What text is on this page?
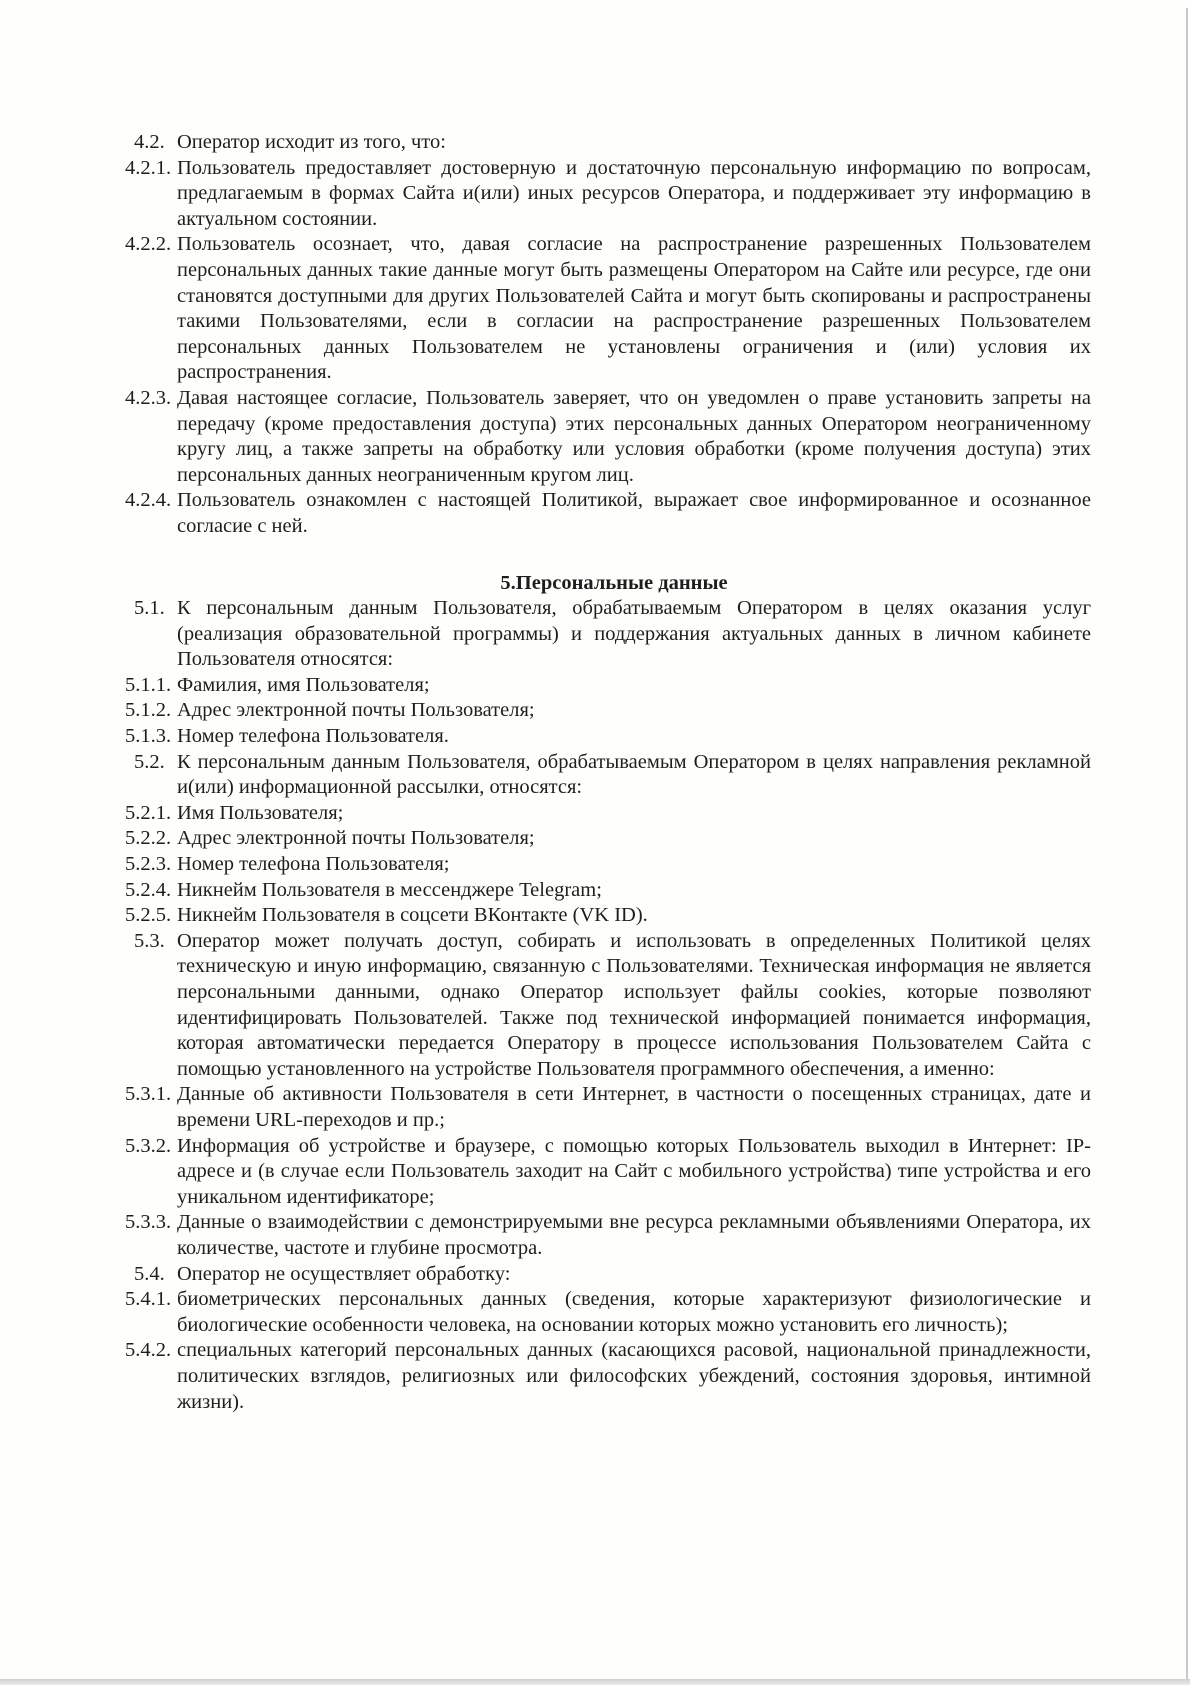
4.2. Оператор исходит из того, что:
4.2.1. Пользователь предоставляет достоверную и достаточную персональную информацию по вопросам, предлагаемым в формах Сайта и(или) иных ресурсов Оператора, и поддерживает эту информацию в актуальном состоянии.
4.2.2. Пользователь осознает, что, давая согласие на распространение разрешенных Пользователем персональных данных такие данные могут быть размещены Оператором на Сайте или ресурсе, где они становятся доступными для других Пользователей Сайта и могут быть скопированы и распространены такими Пользователями, если в согласии на распространение разрешенных Пользователем персональных данных Пользователем не установлены ограничения и (или) условия их распространения.
4.2.3. Давая настоящее согласие, Пользователь заверяет, что он уведомлен о праве установить запреты на передачу (кроме предоставления доступа) этих персональных данных Оператором неограниченному кругу лиц, а также запреты на обработку или условия обработки (кроме получения доступа) этих персональных данных неограниченным кругом лиц.
4.2.4. Пользователь ознакомлен с настоящей Политикой, выражает свое информированное и осознанное согласие с ней.
5.Персональные данные
5.1. К персональным данным Пользователя, обрабатываемым Оператором в целях оказания услуг (реализация образовательной программы) и поддержания актуальных данных в личном кабинете Пользователя относятся:
5.1.1. Фамилия, имя Пользователя;
5.1.2. Адрес электронной почты Пользователя;
5.1.3. Номер телефона Пользователя.
5.2. К персональным данным Пользователя, обрабатываемым Оператором в целях направления рекламной и(или) информационной рассылки, относятся:
5.2.1. Имя Пользователя;
5.2.2. Адрес электронной почты Пользователя;
5.2.3. Номер телефона Пользователя;
5.2.4. Никнейм Пользователя в мессенджере Telegram;
5.2.5. Никнейм Пользователя в соцсети ВКонтакте (VK ID).
5.3. Оператор может получать доступ, собирать и использовать в определенных Политикой целях техническую и иную информацию, связанную с Пользователями. Техническая информация не является персональными данными, однако Оператор использует файлы cookies, которые позволяют идентифицировать Пользователей. Также под технической информацией понимается информация, которая автоматически передается Оператору в процессе использования Пользователем Сайта с помощью установленного на устройстве Пользователя программного обеспечения, а именно:
5.3.1. Данные об активности Пользователя в сети Интернет, в частности о посещенных страницах, дате и времени URL-переходов и пр.;
5.3.2. Информация об устройстве и браузере, с помощью которых Пользователь выходил в Интернет: IP-адресе и (в случае если Пользователь заходит на Сайт с мобильного устройства) типе устройства и его уникальном идентификаторе;
5.3.3. Данные о взаимодействии с демонстрируемыми вне ресурса рекламными объявлениями Оператора, их количестве, частоте и глубине просмотра.
5.4. Оператор не осуществляет обработку:
5.4.1. биометрических персональных данных (сведения, которые характеризуют физиологические и биологические особенности человека, на основании которых можно установить его личность);
5.4.2. специальных категорий персональных данных (касающихся расовой, национальной принадлежности, политических взглядов, религиозных или философских убеждений, состояния здоровья, интимной жизни).
